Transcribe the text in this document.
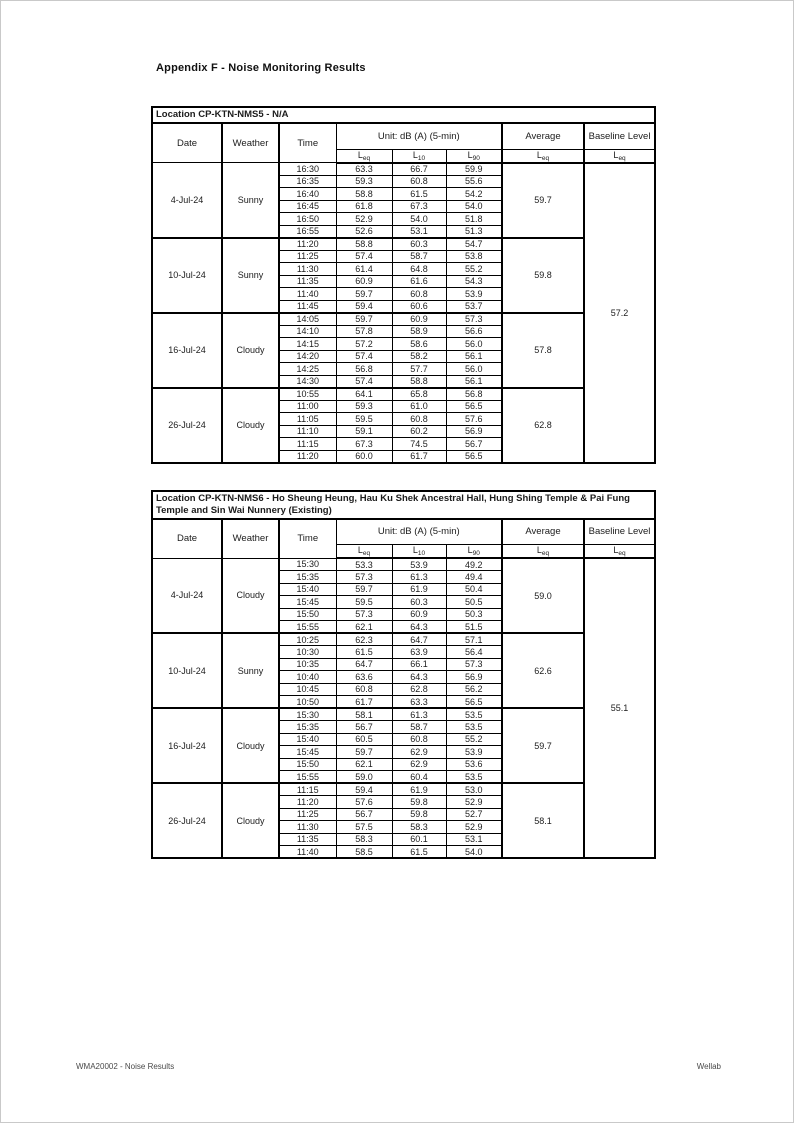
Appendix F - Noise Monitoring Results
Location CP-KTN-NMS5 - N/A							
Date	Weather	Time	Unit: dB (A) (5-min)			Average	Baseline Level
			$L_{eq}$	$L_{10}$	$L_{90}$	$L_{eq}$	$L_{eq}$
4-Jul-24	Sunny	16:30	63.3	66.7	59.9	59.7	57.2
		16:35	59.3	60.8	55.6		
		16:40	58.8	61.5	54.2		
		16:45	61.8	67.3	54.0		
		16:50	52.9	54.0	51.8		
		16:55	52.6	53.1	51.3		
10-Jul-24	Sunny	11:20	58.8	60.3	54.7	59.8	
		11:25	57.4	58.7	53.8		
		11:30	61.4	64.8	55.2		
		11:35	60.9	61.6	54.3		
		11:40	59.7	60.8	53.9		
		11:45	59.4	60.6	53.7		
16-Jul-24	Cloudy	14:05	59.7	60.9	57.3	57.8	
		14:10	57.8	58.9	56.6		
		14:15	57.2	58.6	56.0		
		14:20	57.4	58.2	56.1		
		14:25	56.8	57.7	56.0		
		14:30	57.4	58.8	56.1		
26-Jul-24	Cloudy	10:55	64.1	65.8	56.8	62.8	
		11:00	59.3	61.0	56.5		
		11:05	59.5	60.8	57.6		
		11:10	59.1	60.2	56.9		
		11:15	67.3	74.5	56.7		
		11:20	60.0	61.7	56.5		
Location CP-KTN-NMS6 - Ho Sheung Heung, Hau Ku Shek Ancestral Hall, Hung Shing Temple & Pai Fung Temple and Sin Wai Nunnery (Existing)							
Date	Weather	Time	Unit: dB (A) (5-min)			Average	Baseline Level
			$L_{eq}$	$L_{10}$	$L_{90}$	$L_{eq}$	$L_{eq}$
4-Jul-24	Cloudy	15:30	53.3	53.9	49.2	59.0	55.1
		15:35	57.3	61.3	49.4		
		15:40	59.7	61.9	50.4		
		15:45	59.5	60.3	50.5		
		15:50	57.3	60.9	50.3		
		15:55	62.1	64.3	51.5		
10-Jul-24	Sunny	10:25	62.3	64.7	57.1	62.6	
		10:30	61.5	63.9	56.4		
		10:35	64.7	66.1	57.3		
		10:40	63.6	64.3	56.9		
		10:45	60.8	62.8	56.2		
		10:50	61.7	63.3	56.5		
16-Jul-24	Cloudy	15:30	58.1	61.3	53.5	59.7	
		15:35	56.7	58.7	53.5		
		15:40	60.5	60.8	55.2		
		15:45	59.7	62.9	53.9		
		15:50	62.1	62.9	53.6		
		15:55	59.0	60.4	53.5		
26-Jul-24	Cloudy	11:15	59.4	61.9	53.0	58.1	
		11:20	57.6	59.8	52.9		
		11:25	56.7	59.8	52.7		
		11:30	57.5	58.3	52.9		
		11:35	58.3	60.1	53.1		
		11:40	58.5	61.5	54.0		
WMA20002 - Noise Results	Wellab
